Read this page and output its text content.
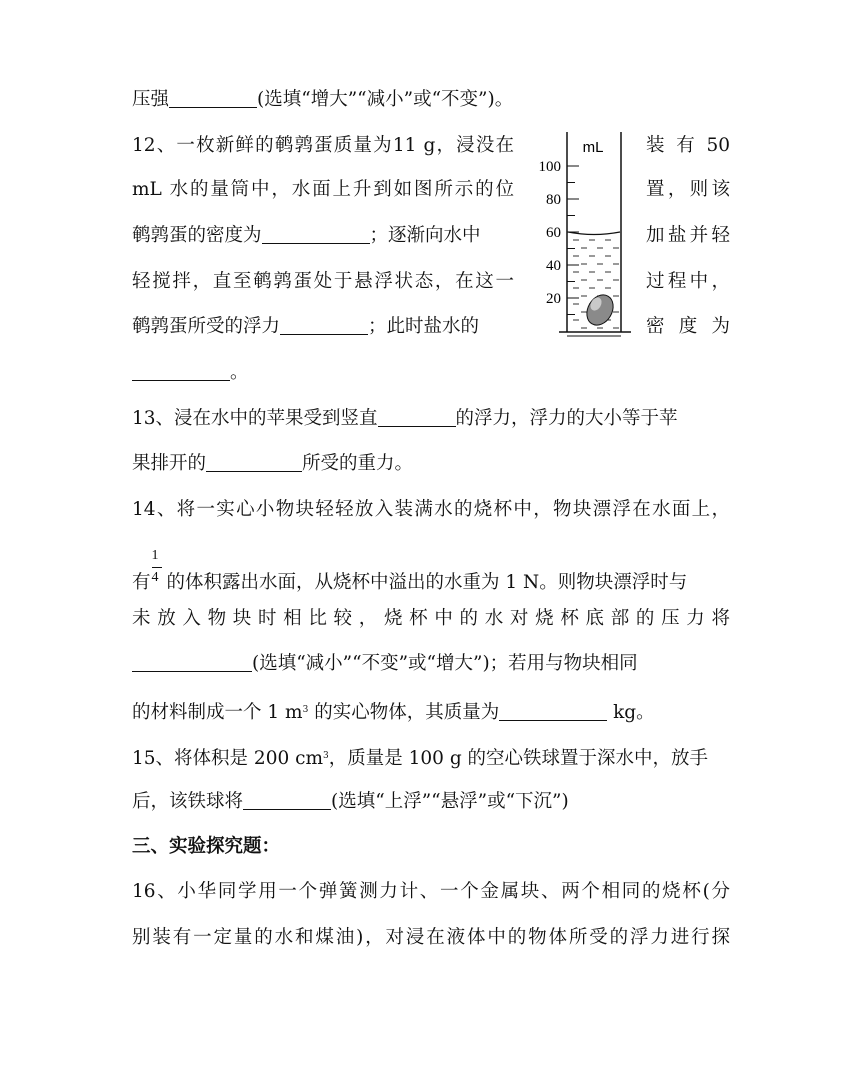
压强	(选填“增大”“减小”或“不变”)。
12、一枚新鲜的鹌鹑蛋质量为11 g，浸没在	装 有 50
mL 水的量筒中，水面上升到如图所示的位	置，则该
鹌鹑蛋的密度为	；逐渐向水中	加盐并轻
轻搅拌，直至鹌鹑蛋处于悬浮状态，在这一	过程中，
鹌鹑蛋所受的浮力	；此时盐水的	密 度 为
。
mL
100
80
60
40
20
13、浸在水中的苹果受到竖直	的浮力，浮力的大小等于苹
果排开的	所受的重力。
14、将一实心小物块轻轻放入装满水的烧杯中，物块漂浮在水面上，
有 $\frac{1}{4}$ 的体积露出水面，从烧杯中溢出的水重为 1 N。则物块漂浮时与
未放入物块时相比较，烧杯中的水对烧杯底部的压力将
(选填“减小”“不变”或“增大”)；若用与物块相同
的材料制成一个 1 $m^3$ 的实心物体，其质量为	kg。
15、将体积是 200 $cm^3$，质量是 100 g 的空心铁球置于深水中，放手
后，该铁球将	(选填“上浮”“悬浮”或“下沉”)
三、实验探究题：
16、小华同学用一个弹簧测力计、一个金属块、两个相同的烧杯(分
别装有一定量的水和煤油)，对浸在液体中的物体所受的浮力进行探
